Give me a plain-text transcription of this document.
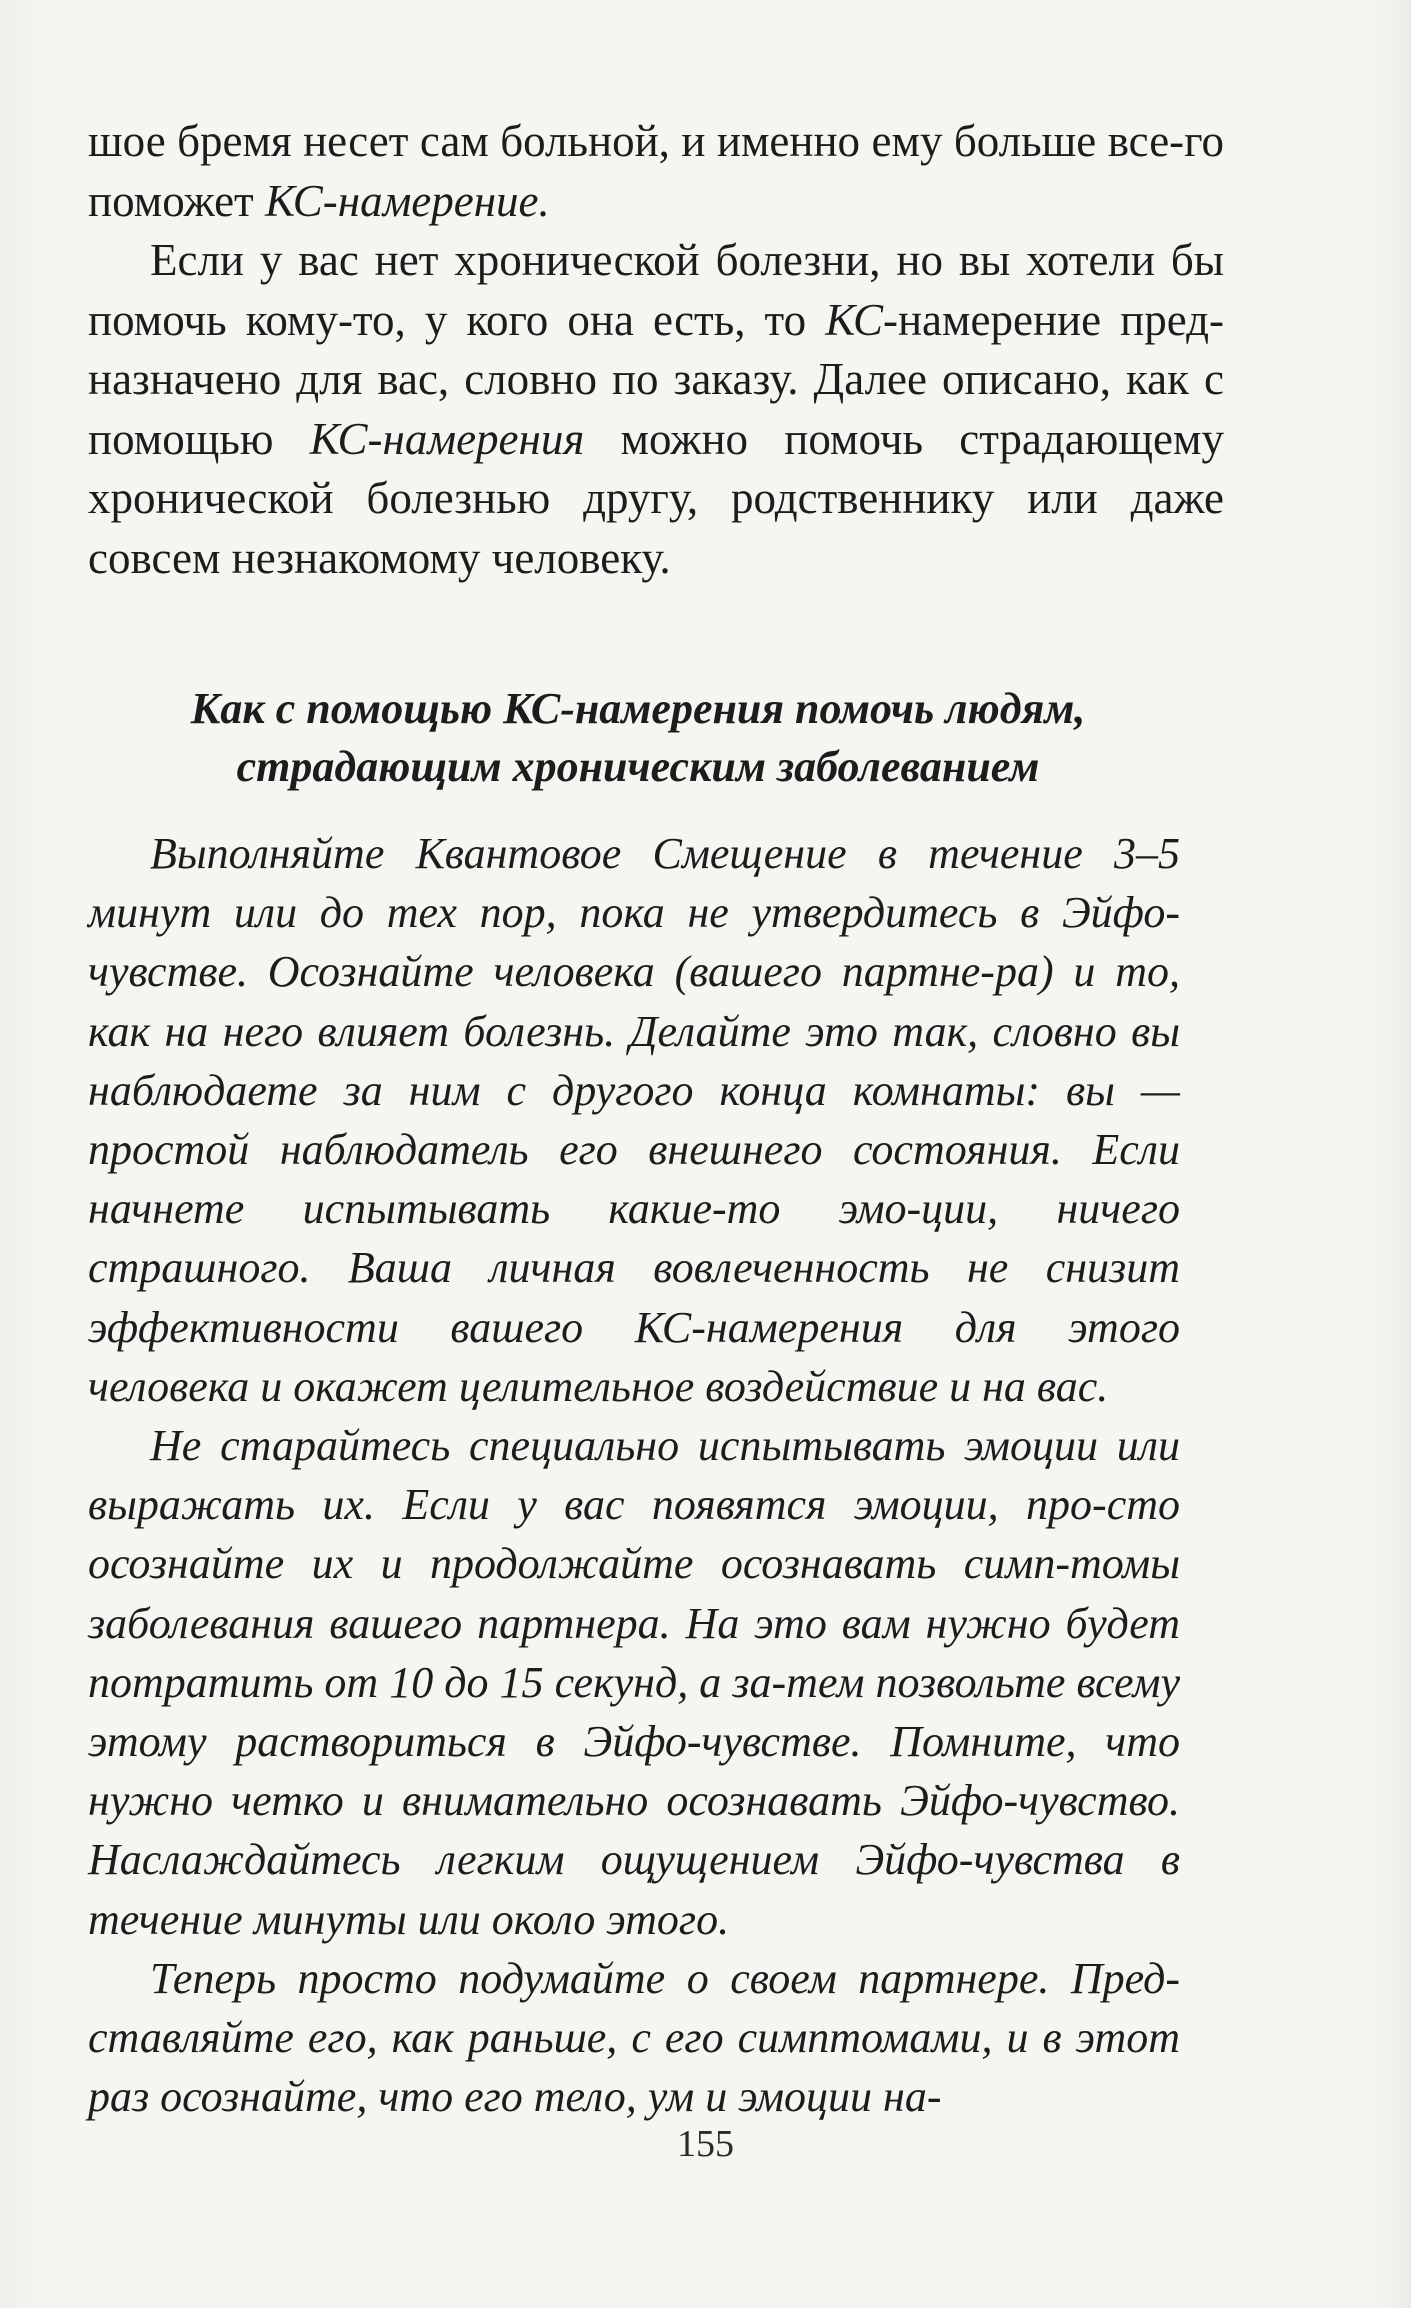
шое бремя несет сам больной, и именно ему больше все-го поможет КС-намерение.

Если у вас нет хронической болезни, но вы хотели бы помочь кому-то, у кого она есть, то КС-намерение пред-назначено для вас, словно по заказу. Далее описано, как с помощью КС-намерения можно помочь страдающему хронической болезнью другу, родственнику или даже совсем незнакомому человеку.

Как с помощью КС-намерения помочь людям,
страдающим хроническим заболеванием

Выполняйте Квантовое Смещение в течение 3–5 минут или до тех пор, пока не утвердитесь в Эйфо-чувстве. Осознайте человека (вашего партне-ра) и то, как на него влияет болезнь. Делайте это так, словно вы наблюдаете за ним с другого конца комнаты: вы — простой наблюдатель его внешнего состояния. Если начнете испытывать какие-то эмо-ции, ничего страшного. Ваша личная вовлеченность не снизит эффективности вашего КС-намерения для этого человека и окажет целительное воздействие и на вас.

Не старайтесь специально испытывать эмоции или выражать их. Если у вас появятся эмоции, про-сто осознайте их и продолжайте осознавать симп-томы заболевания вашего партнера. На это вам нужно будет потратить от 10 до 15 секунд, а за-тем позвольте всему этому раствориться в Эйфо-чувстве. Помните, что нужно четко и внимательно осознавать Эйфо-чувство. Наслаждайтесь легким ощущением Эйфо-чувства в течение минуты или около этого.

Теперь просто подумайте о своем партнере. Пред-ставляйте его, как раньше, с его симптомами, и в этот раз осознайте, что его тело, ум и эмоции на-

155
